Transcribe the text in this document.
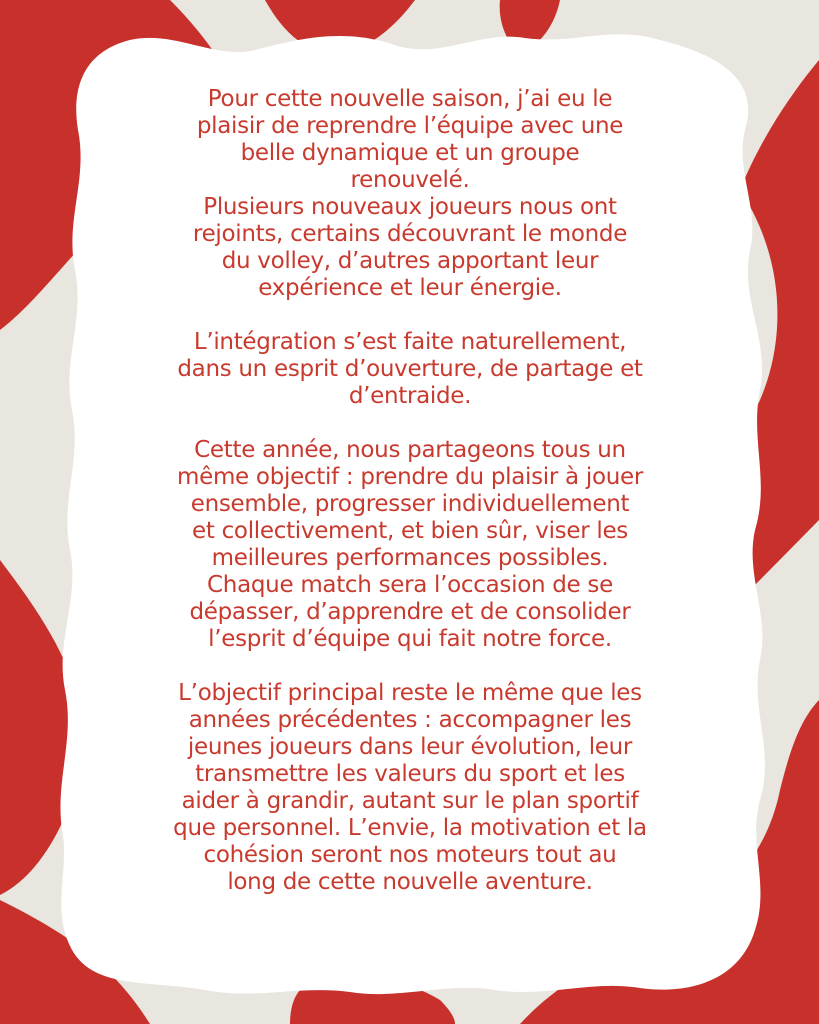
Pour cette nouvelle saison, j’ai eu le
plaisir de reprendre l’équipe avec une
belle dynamique et un groupe
renouvelé.
Plusieurs nouveaux joueurs nous ont
rejoints, certains découvrant le monde
du volley, d’autres apportant leur
expérience et leur énergie.

L’intégration s’est faite naturellement,
dans un esprit d’ouverture, de partage et
d’entraide.

Cette année, nous partageons tous un
même objectif : prendre du plaisir à jouer
ensemble, progresser individuellement
et collectivement, et bien sûr, viser les
meilleures performances possibles.
Chaque match sera l’occasion de se
dépasser, d’apprendre et de consolider
l’esprit d’équipe qui fait notre force.

L’objectif principal reste le même que les
années précédentes : accompagner les
jeunes joueurs dans leur évolution, leur
transmettre les valeurs du sport et les
aider à grandir, autant sur le plan sportif
que personnel. L’envie, la motivation et la
cohésion seront nos moteurs tout au
long de cette nouvelle aventure.
